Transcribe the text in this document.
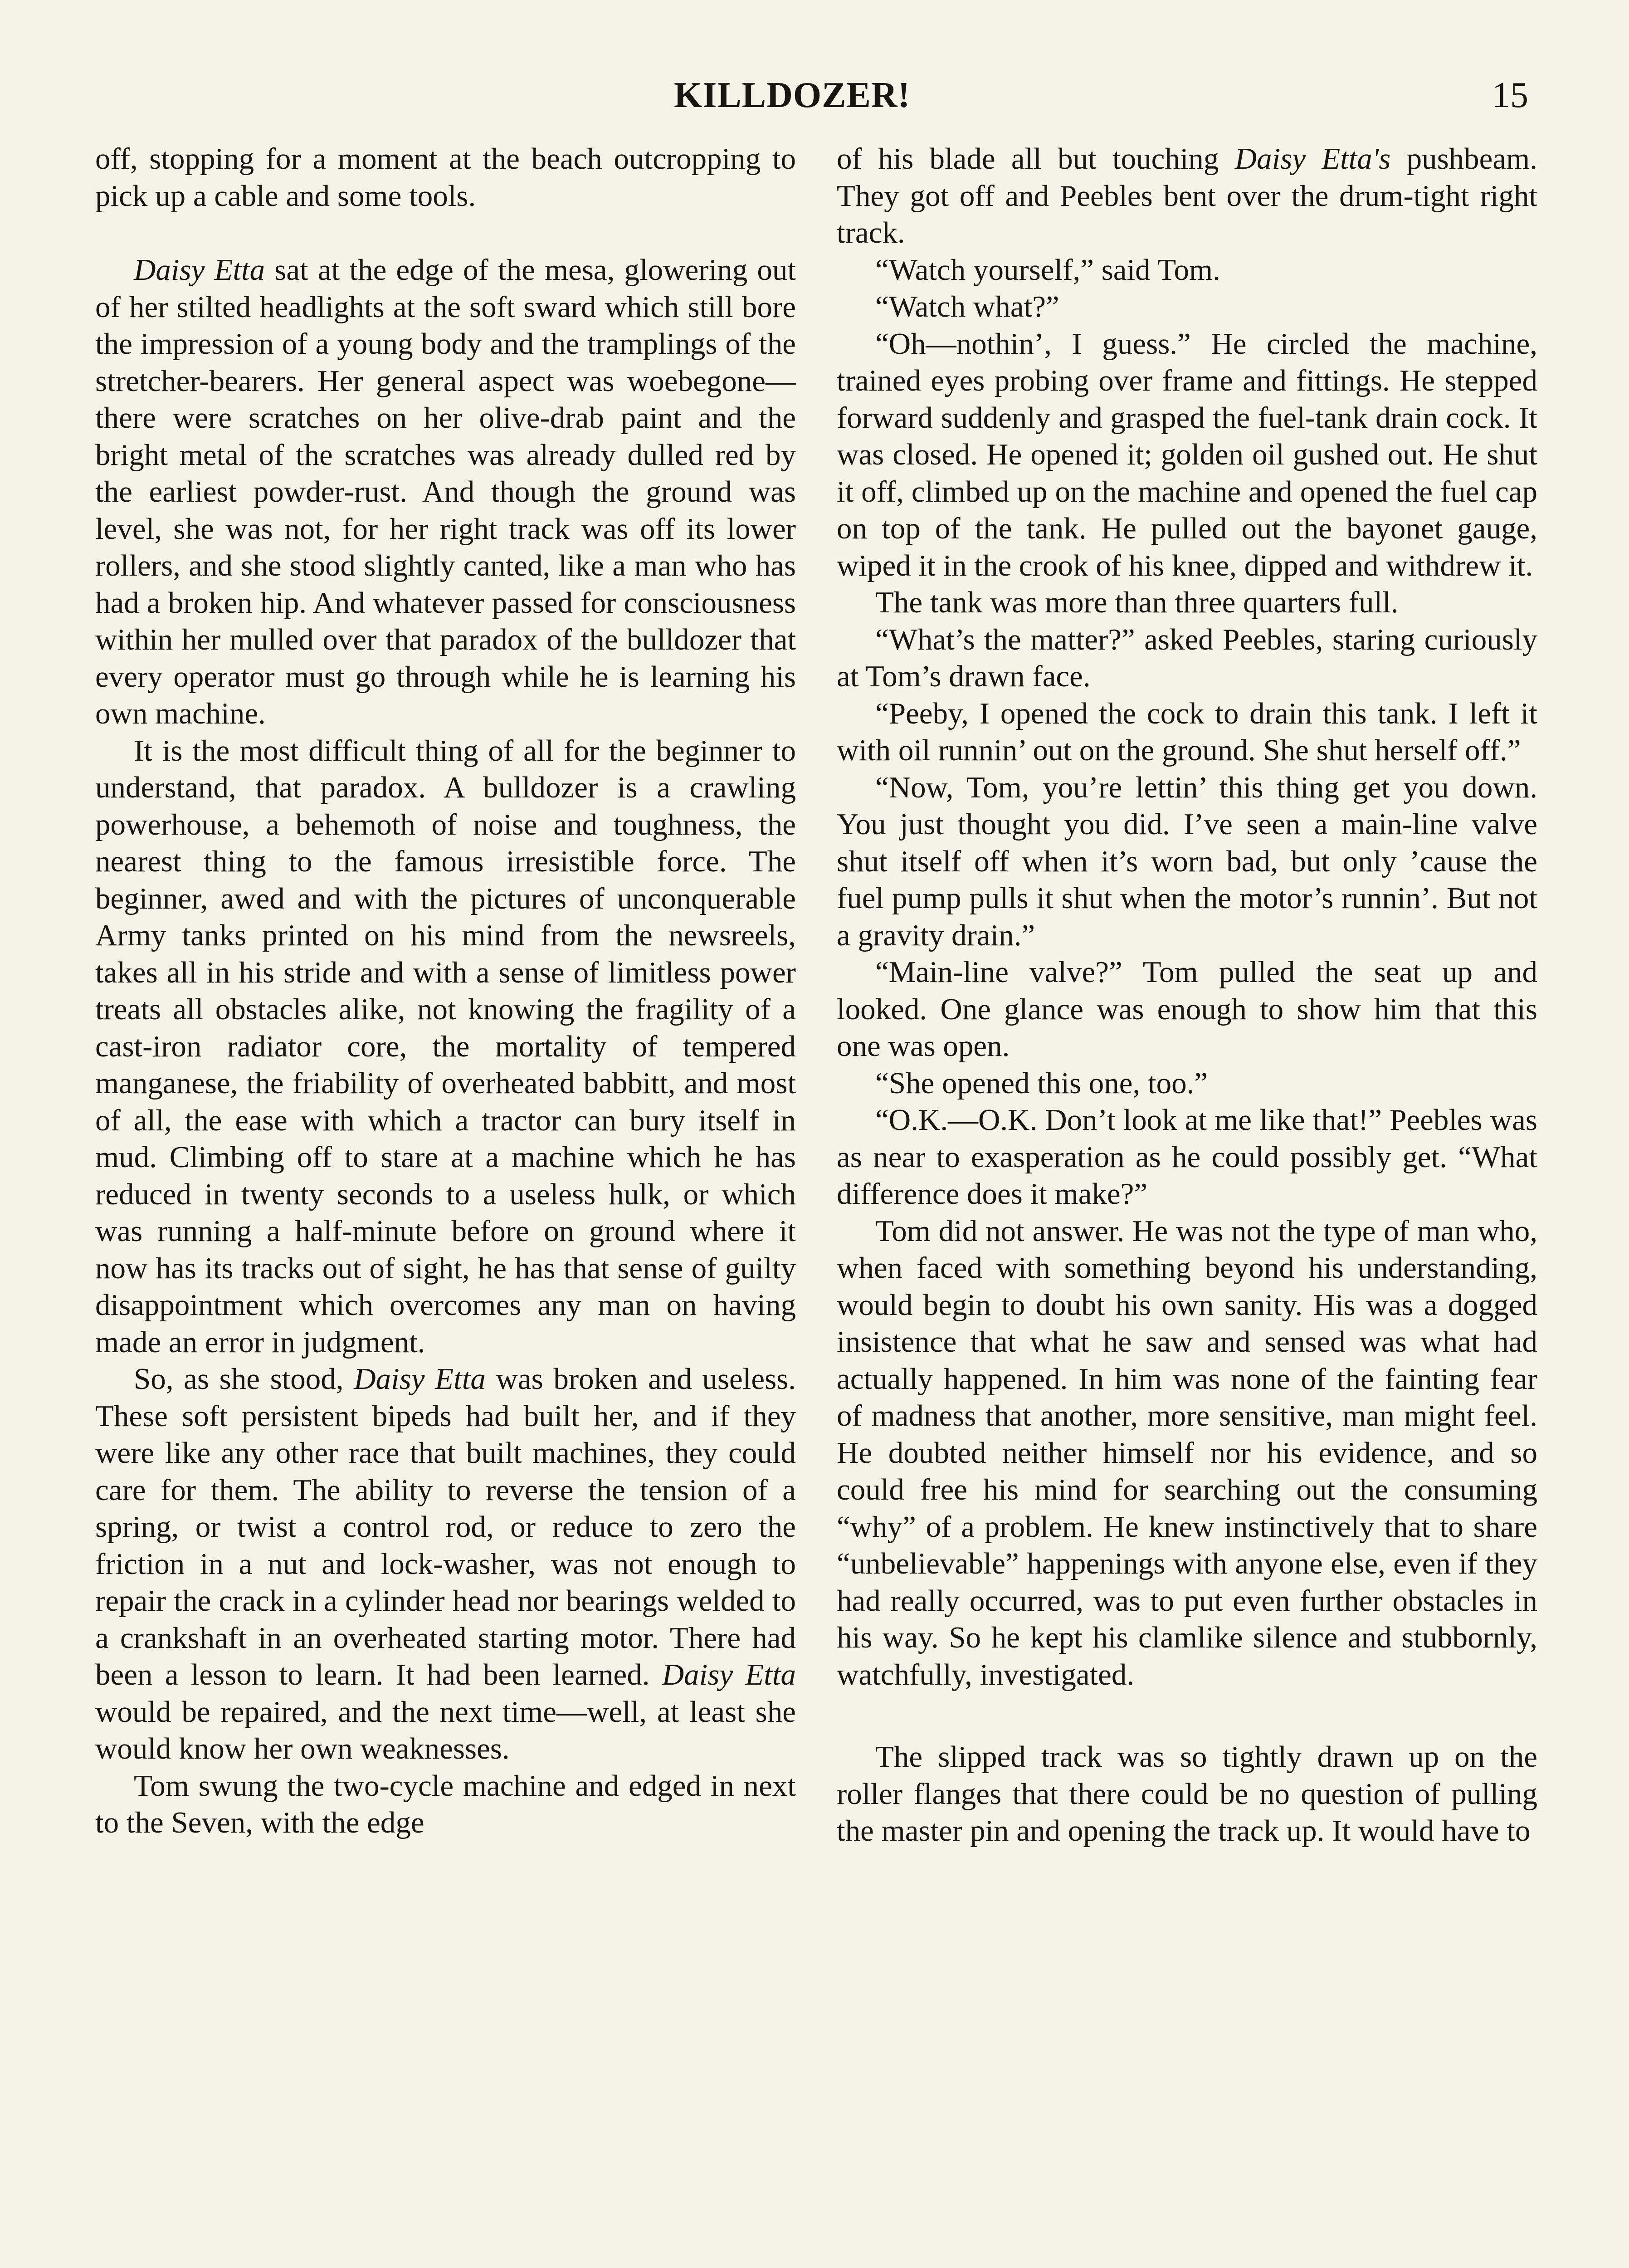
KILLDOZER!	15

off, stopping for a moment at the beach outcropping to pick up a cable and some tools.

Daisy Etta sat at the edge of the mesa, glowering out of her stilted headlights at the soft sward which still bore the impression of a young body and the tramplings of the stretcher-bearers. Her general aspect was woebegone—there were scratches on her olive-drab paint and the bright metal of the scratches was already dulled red by the earliest powder-rust. And though the ground was level, she was not, for her right track was off its lower rollers, and she stood slightly canted, like a man who has had a broken hip. And whatever passed for consciousness within her mulled over that paradox of the bulldozer that every operator must go through while he is learning his own machine.

It is the most difficult thing of all for the beginner to understand, that paradox. A bulldozer is a crawling powerhouse, a behemoth of noise and toughness, the nearest thing to the famous irresistible force. The beginner, awed and with the pictures of unconquerable Army tanks printed on his mind from the newsreels, takes all in his stride and with a sense of limitless power treats all obstacles alike, not knowing the fragility of a cast-iron radiator core, the mortality of tempered manganese, the friability of overheated babbitt, and most of all, the ease with which a tractor can bury itself in mud. Climbing off to stare at a machine which he has reduced in twenty seconds to a useless hulk, or which was running a half-minute before on ground where it now has its tracks out of sight, he has that sense of guilty disappointment which overcomes any man on having made an error in judgment.

So, as she stood, Daisy Etta was broken and useless. These soft persistent bipeds had built her, and if they were like any other race that built machines, they could care for them. The ability to reverse the tension of a spring, or twist a control rod, or reduce to zero the friction in a nut and lock-washer, was not enough to repair the crack in a cylinder head nor bearings welded to a crankshaft in an overheated starting motor. There had been a lesson to learn. It had been learned. Daisy Etta would be repaired, and the next time—well, at least she would know her own weaknesses.

Tom swung the two-cycle machine and edged in next to the Seven, with the edge

of his blade all but touching Daisy Etta's pushbeam. They got off and Peebles bent over the drum-tight right track.

“Watch yourself,” said Tom.

“Watch what?”

“Oh—nothin’, I guess.” He circled the machine, trained eyes probing over frame and fittings. He stepped forward suddenly and grasped the fuel-tank drain cock. It was closed. He opened it; golden oil gushed out. He shut it off, climbed up on the machine and opened the fuel cap on top of the tank. He pulled out the bayonet gauge, wiped it in the crook of his knee, dipped and withdrew it.

The tank was more than three quarters full.

“What’s the matter?” asked Peebles, staring curiously at Tom’s drawn face.

“Peeby, I opened the cock to drain this tank. I left it with oil runnin’ out on the ground. She shut herself off.”

“Now, Tom, you’re lettin’ this thing get you down. You just thought you did. I’ve seen a main-line valve shut itself off when it’s worn bad, but only ’cause the fuel pump pulls it shut when the motor’s runnin’. But not a gravity drain.”

“Main-line valve?” Tom pulled the seat up and looked. One glance was enough to show him that this one was open.

“She opened this one, too.”

“O.K.—O.K. Don’t look at me like that!” Peebles was as near to exasperation as he could possibly get. “What difference does it make?”

Tom did not answer. He was not the type of man who, when faced with something beyond his understanding, would begin to doubt his own sanity. His was a dogged insistence that what he saw and sensed was what had actually happened. In him was none of the fainting fear of madness that another, more sensitive, man might feel. He doubted neither himself nor his evidence, and so could free his mind for searching out the consuming “why” of a problem. He knew instinctively that to share “unbelievable” happenings with anyone else, even if they had really occurred, was to put even further obstacles in his way. So he kept his clamlike silence and stubbornly, watchfully, investigated.

The slipped track was so tightly drawn up on the roller flanges that there could be no question of pulling the master pin and opening the track up. It would have to
